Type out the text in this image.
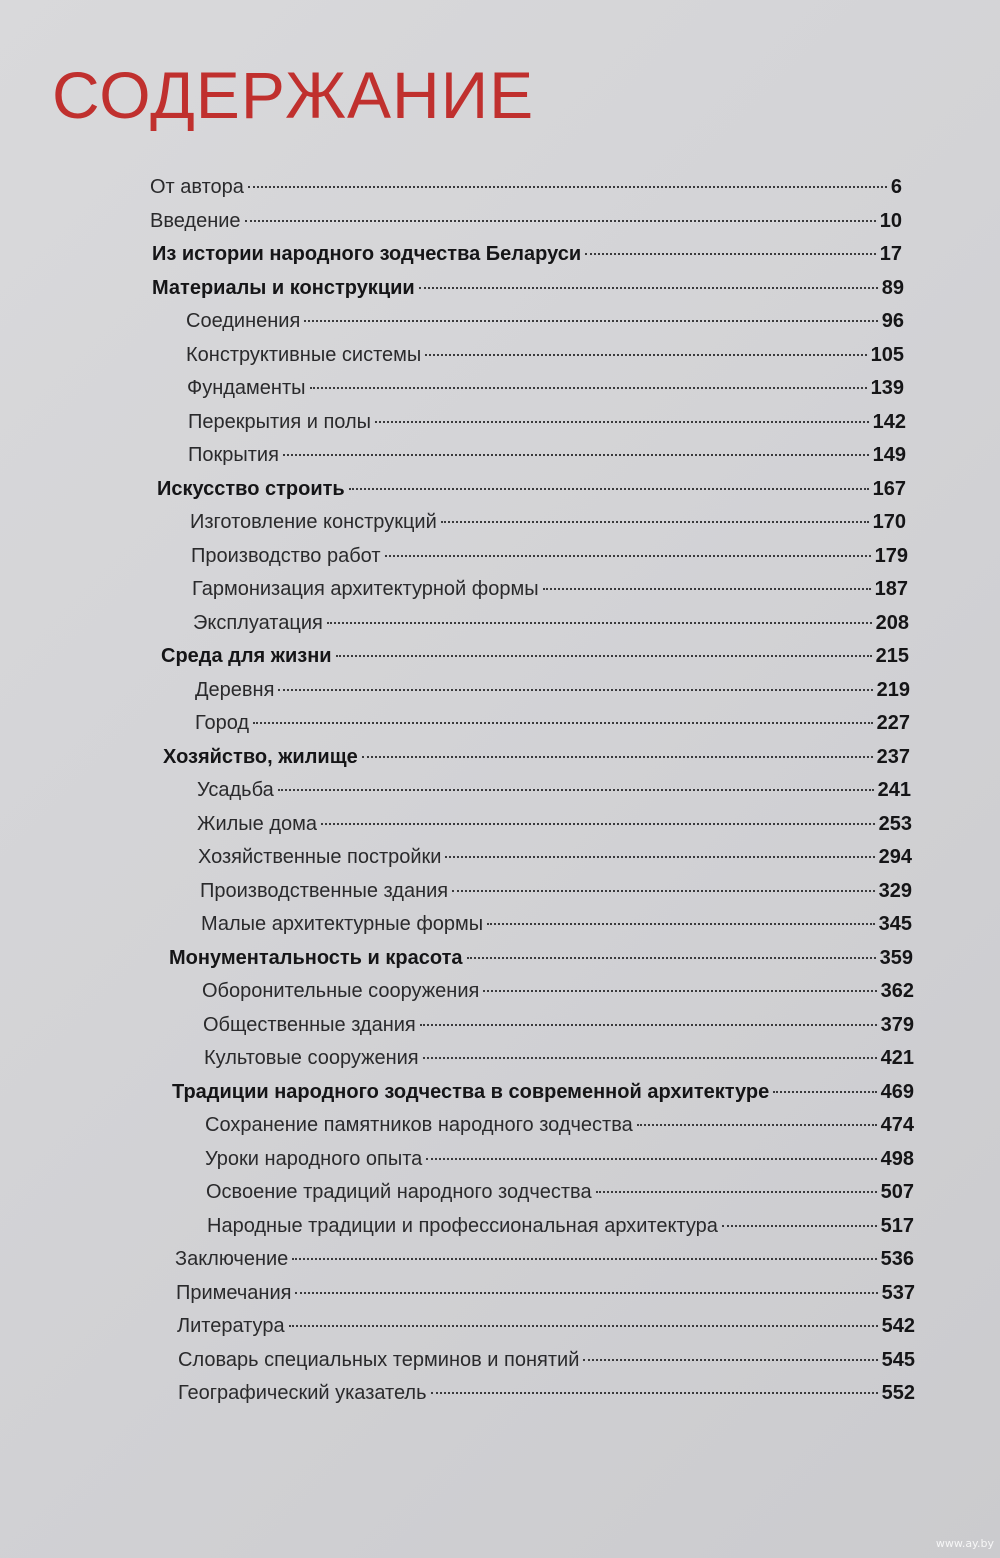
СОДЕРЖАНИЕ
От автора	6
Введение	10
Из истории народного зодчества Беларуси	17
Материалы и конструкции	89
Соединения	96
Конструктивные системы	105
Фундаменты	139
Перекрытия и полы	142
Покрытия	149
Искусство строить	167
Изготовление конструкций	170
Производство работ	179
Гармонизация архитектурной формы	187
Эксплуатация	208
Среда для жизни	215
Деревня	219
Город	227
Хозяйство, жилище	237
Усадьба	241
Жилые дома	253
Хозяйственные постройки	294
Производственные здания	329
Малые архитектурные формы	345
Монументальность и красота	359
Оборонительные сооружения	362
Общественные здания	379
Культовые сооружения	421
Традиции народного зодчества в современной архитектуре	469
Сохранение памятников народного зодчества	474
Уроки народного опыта	498
Освоение традиций народного зодчества	507
Народные традиции и профессиональная архитектура	517
Заключение	536
Примечания	537
Литература	542
Словарь специальных терминов и понятий	545
Географический указатель	552
www.ay.by
